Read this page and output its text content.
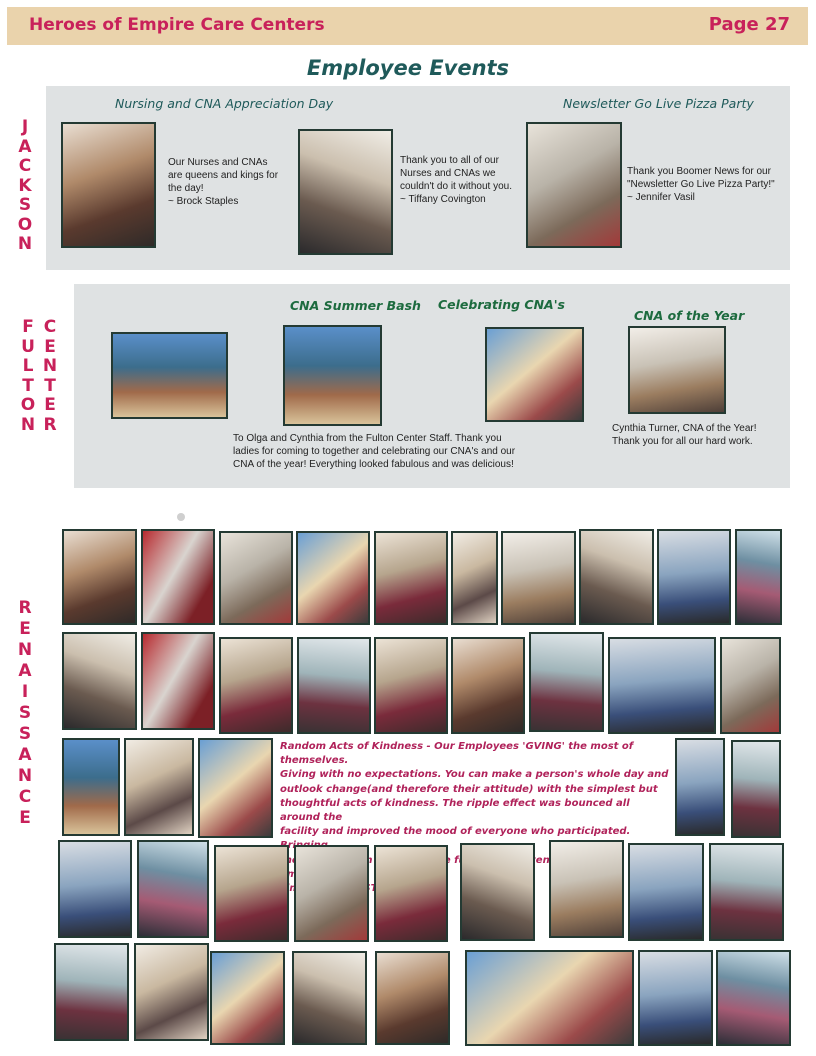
Heroes of Empire Care Centers	Page 27
Employee Events
J
A
C
K
S
O
N
Nursing and CNA Appreciation Day	Newsletter Go Live Pizza Party
Our Nurses and CNAs
are queens and kings for
the day!
~ Brock Staples
Thank you to all of our
Nurses and CNAs we
couldn't do it without you.
~ Tiffany Covington
Thank you Boomer News for our
"Newsletter Go Live Pizza Party!"
~ Jennifer Vasil
F
U
L
T
O
N
C
E
N
T
E
R
CNA Summer Bash Celebrating CNA's
CNA of the Year
To Olga and Cynthia from the Fulton Center Staff. Thank you
ladies for coming to together and celebrating our CNA's and our
CNA of the year! Everything looked fabulous and was delicious!
Cynthia Turner, CNA of the Year!
Thank you for all our hard work.
R
E
N
A
I
S
S
A
N
C
E
Random Acts of Kindness - Our Employees 'GVING' the most of themselves.
Giving with no expectations. You can make a person's whole day and
outlook change(and therefore their attitude) with the simplest but
thoughtful acts of kindness. The ripple effect was bounced all around the
facility and improved the mood of everyone who participated.
the even
